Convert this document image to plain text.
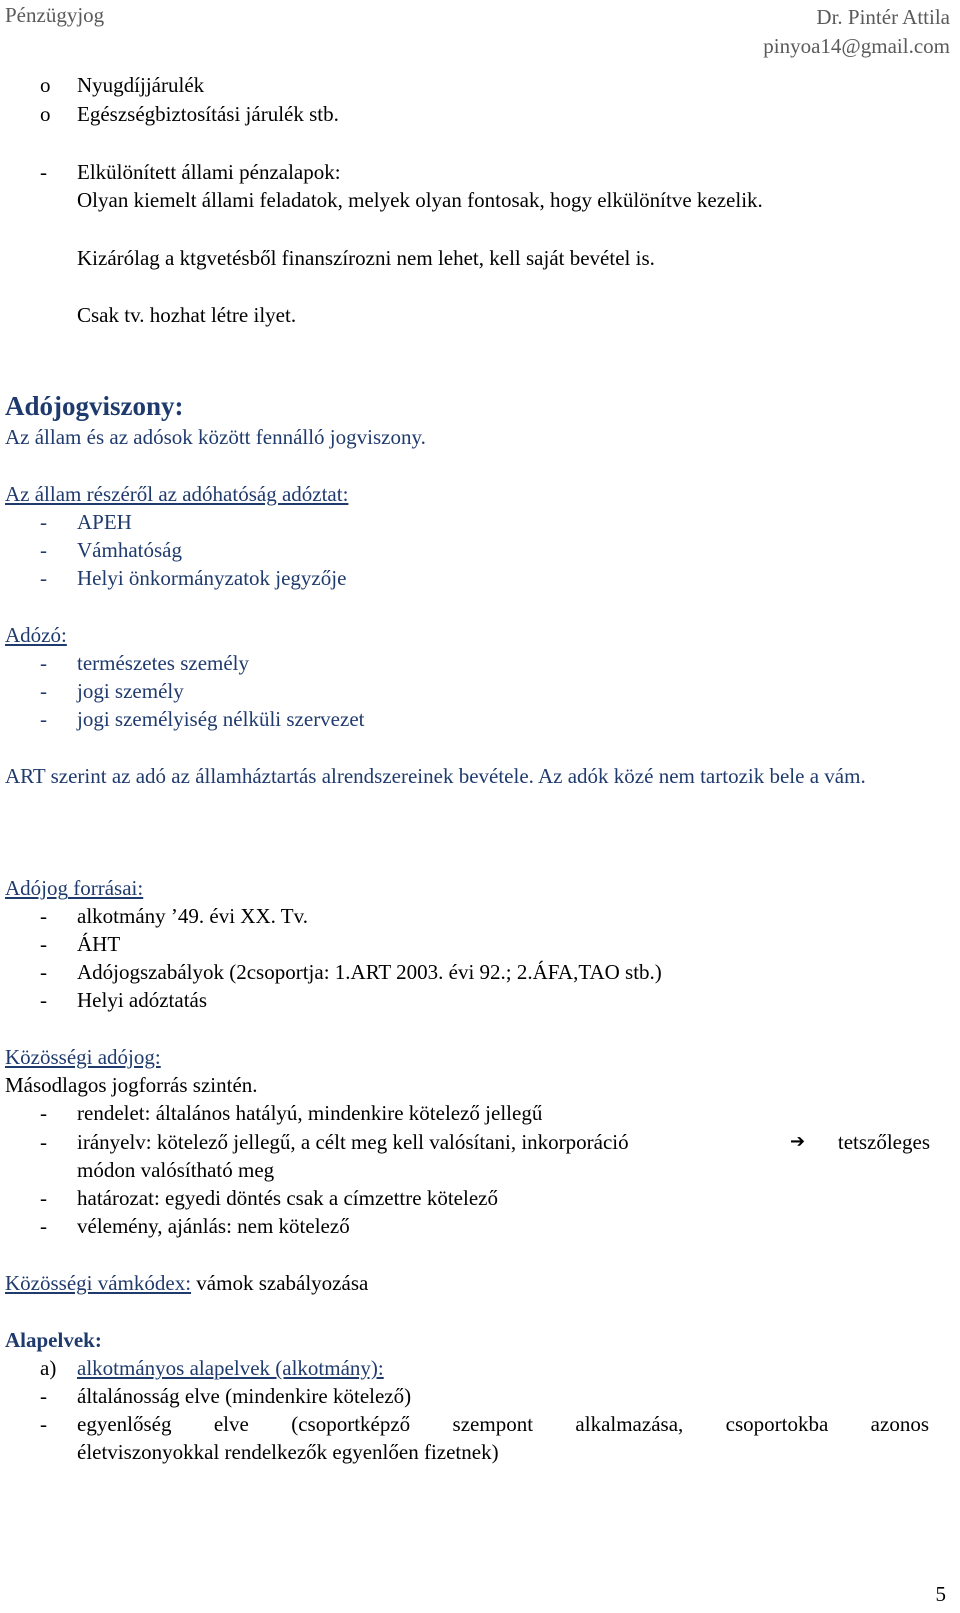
Pénzügyjog	Dr. Pintér Attila
pinyoa14@gmail.com
o Nyugdíjjárulék
o Egészségbiztosítási járulék stb.
- Elkülönített állami pénzalapok:
Olyan kiemelt állami feladatok, melyek olyan fontosak, hogy elkülönítve kezelik.
Kizárólag a ktgvetésből finanszírozni nem lehet, kell saját bevétel is.
Csak tv. hozhat létre ilyet.
Adójogviszony:
Az állam és az adósok között fennálló jogviszony.
Az állam részéről az adóhatóság adóztat:
- APEH
- Vámhatóság
- Helyi önkormányzatok jegyzője
Adózó:
- természetes személy
- jogi személy
- jogi személyiség nélküli szervezet
ART szerint az adó az államháztartás alrendszereinek bevétele. Az adók közé nem tartozik bele a vám.
Adójog forrásai:
- alkotmány ’49. évi XX. Tv.
- ÁHT
- Adójogszabályok (2csoportja: 1.ART 2003. évi 92.; 2.ÁFA,TAO stb.)
- Helyi adóztatás
Közösségi adójog:
Másodlagos jogforrás szintén.
- rendelet: általános hatályú, mindenkire kötelező jellegű
- irányelv: kötelező jellegű, a célt meg kell valósítani, inkorporáció	➔ tetszőleges
módon valósítható meg
- határozat: egyedi döntés csak a címzettre kötelező
- vélemény, ajánlás: nem kötelező
Közösségi vámkódex: vámok szabályozása
Alapelvek:
a) alkotmányos alapelvek (alkotmány):
- általánosság elve (mindenkire kötelező)
- egyenlőség elve (csoportképző szempont alkalmazása, csoportokba azonos
életviszonyokkal rendelkezők egyenlően fizetnek)
5
